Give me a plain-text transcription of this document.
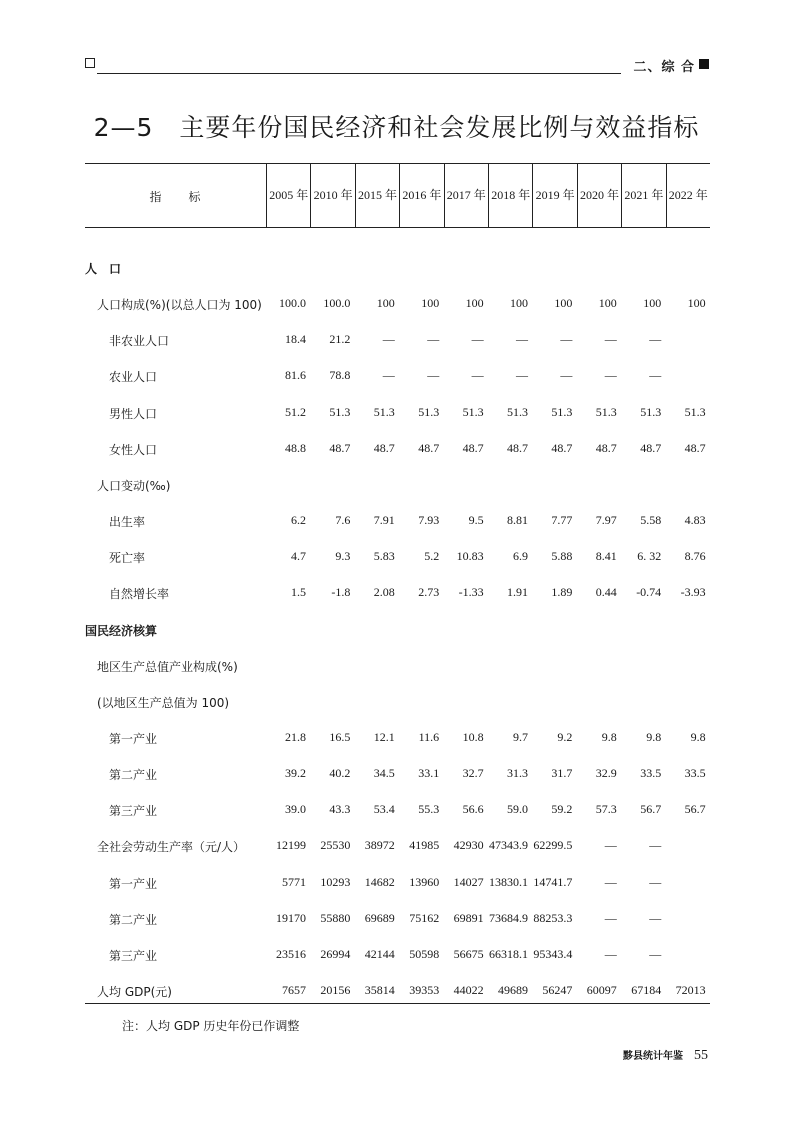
二、综 合
2—5　主要年份国民经济和社会发展比例与效益指标
指　　标	2005 年 2010 年 2015 年 2016 年 2017 年 2018 年 2019 年 2020 年 2021 年 2022 年
人　口
人口构成(%)(以总人口为 100)	100.0	100.0	100	100	100	100	100	100	100	100
非农业人口	18.4	21.2	—	—	—	—	—	—	—
农业人口	81.6	78.8	—	—	—	—	—	—	—
男性人口	51.2	51.3	51.3	51.3	51.3	51.3	51.3	51.3	51.3	51.3
女性人口	48.8	48.7	48.7	48.7	48.7	48.7	48.7	48.7	48.7	48.7
人口变动(‰)
出生率	6.2	7.6	7.91	7.93	9.5	8.81	7.77	7.97	5.58	4.83
死亡率	4.7	9.3	5.83	5.2	10.83	6.9	5.88	8.41	6. 32	8.76
自然增长率	1.5	-1.8	2.08	2.73	-1.33	1.91	1.89	0.44	-0.74	-3.93
国民经济核算
地区生产总值产业构成(%)
(以地区生产总值为 100)
第一产业	21.8	16.5	12.1	11.6	10.8	9.7	9.2	9.8	9.8	9.8
第二产业	39.2	40.2	34.5	33.1	32.7	31.3	31.7	32.9	33.5	33.5
第三产业	39.0	43.3	53.4	55.3	56.6	59.0	59.2	57.3	56.7	56.7
全社会劳动生产率（元/人）	12199	25530	38972	41985	42930 47343.9 62299.5	—	—
第一产业	5771	10293	14682	13960	14027 13830.1 14741.7	—	—
第二产业	19170	55880	69689	75162	69891 73684.9 88253.3	—	—
第三产业	23516	26994	42144	50598	56675 66318.1 95343.4	—	—
人均 GDP(元)	7657	20156	35814	39353	44022	49689	56247	60097	67184	72013
注：人均 GDP 历史年份已作调整
黟县统计年鉴 55
